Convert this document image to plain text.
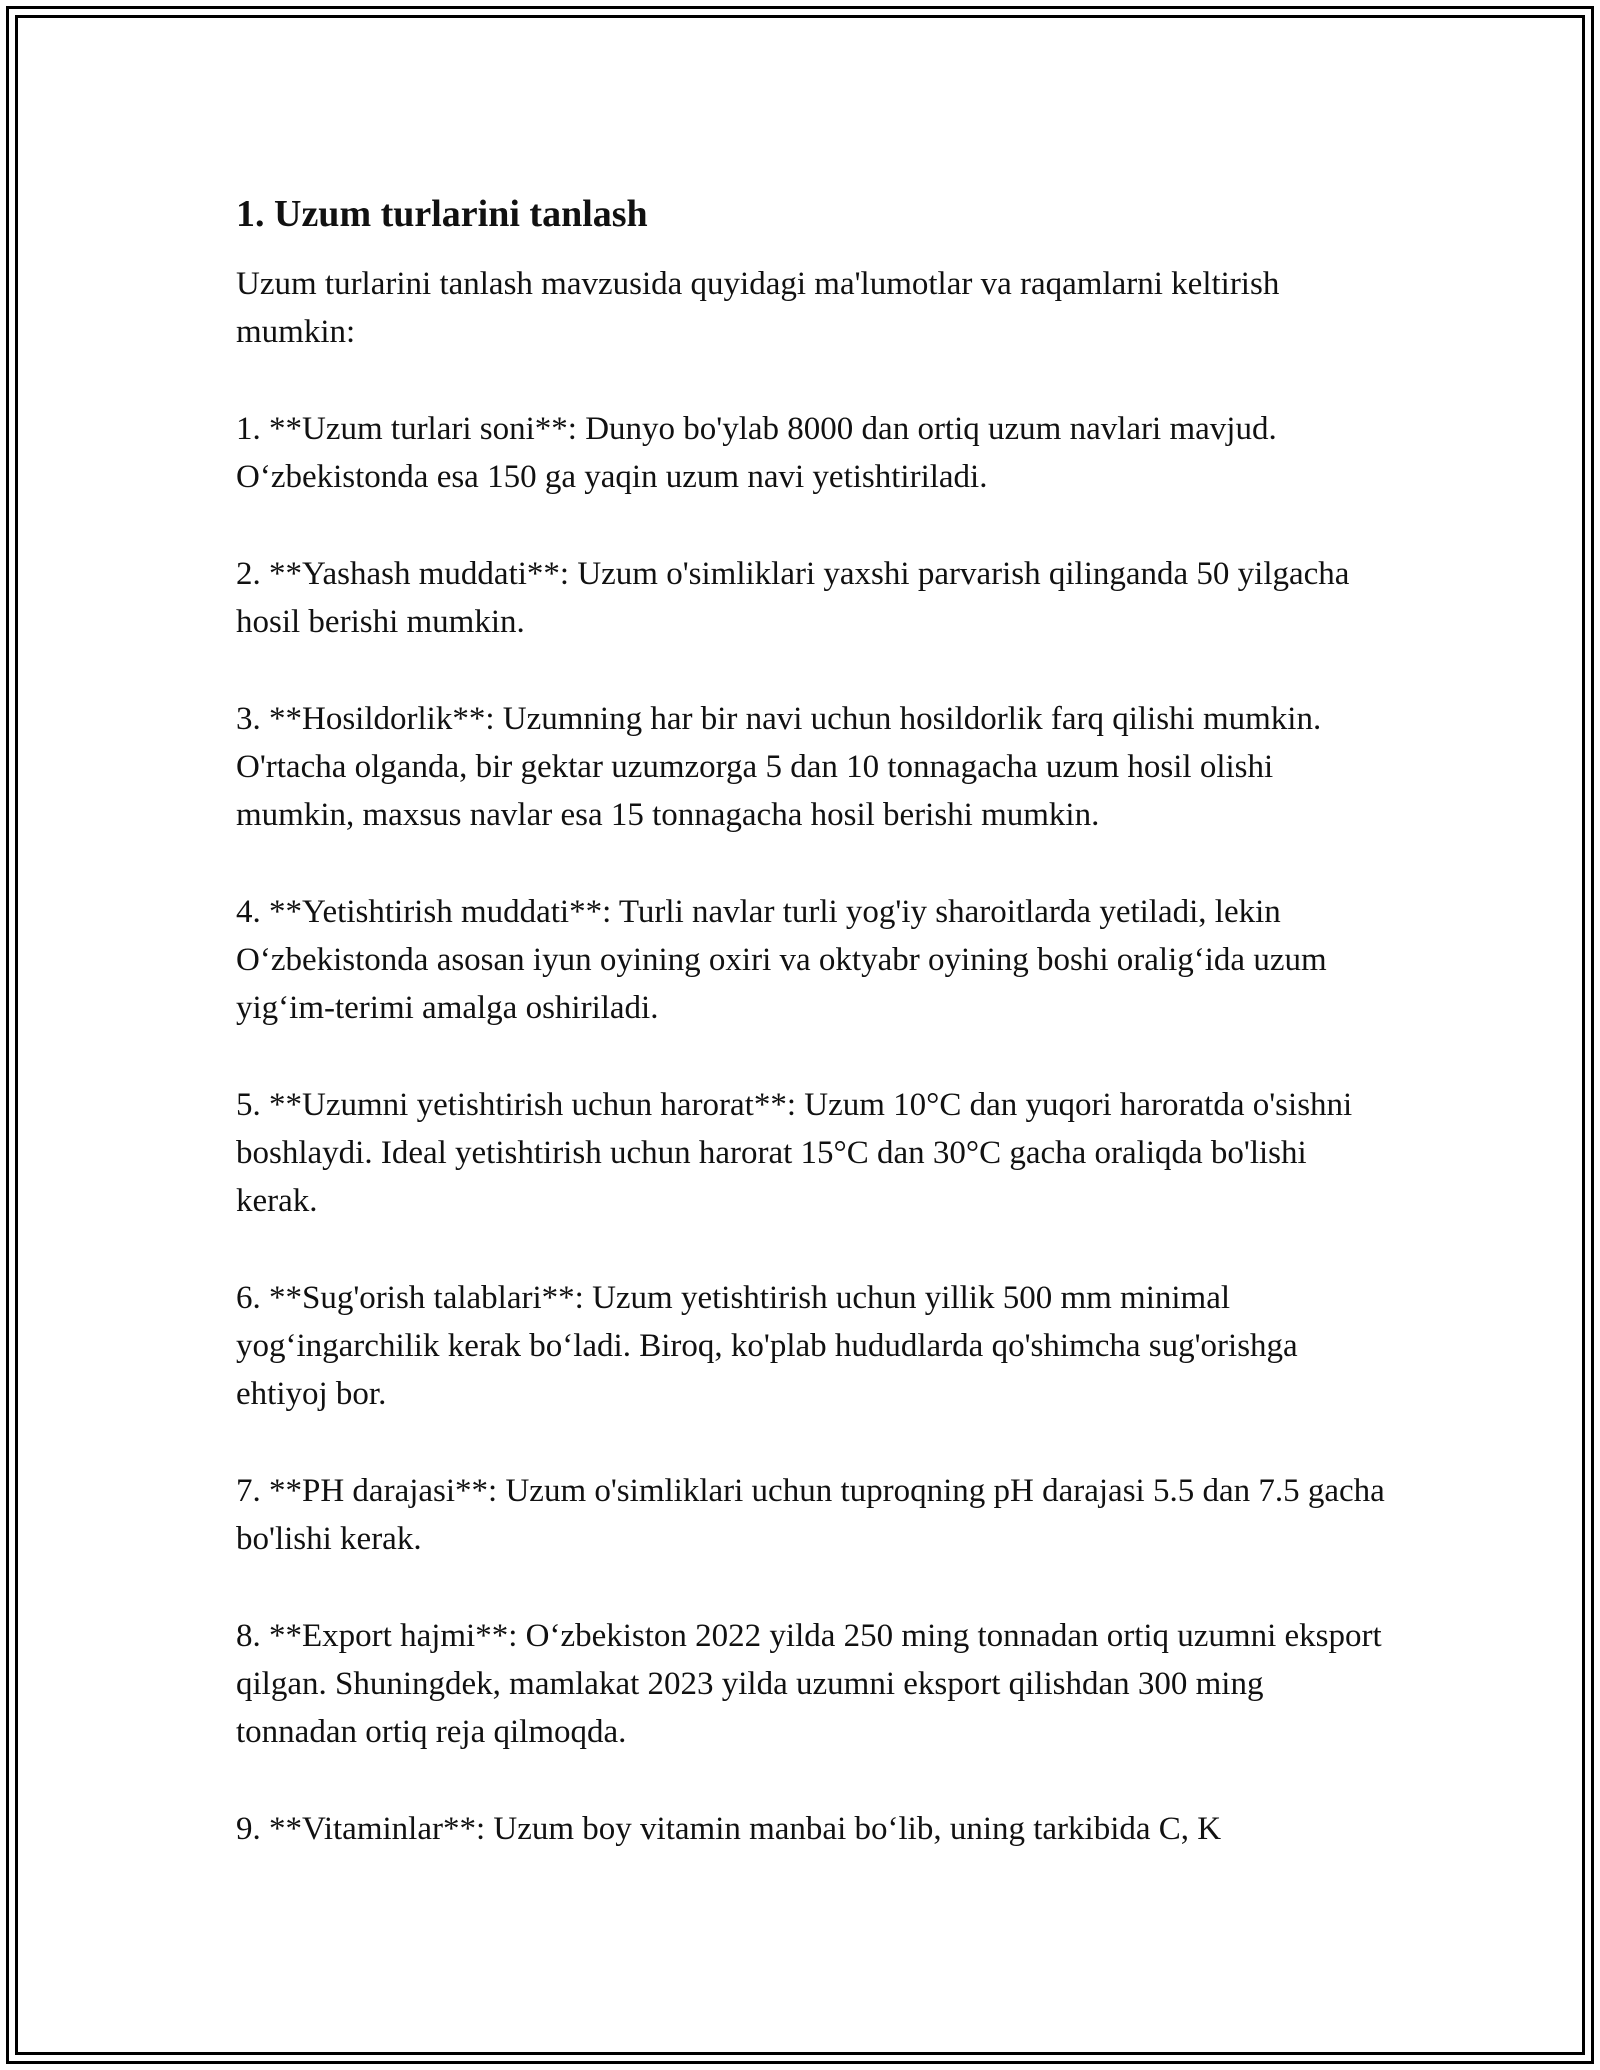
1. Uzum turlarini tanlash

Uzum turlarini tanlash mavzusida quyidagi ma'lumotlar va raqamlarni keltirish mumkin:

1. **Uzum turlari soni**: Dunyo bo'ylab 8000 dan ortiq uzum navlari mavjud. O‘zbekistonda esa 150 ga yaqin uzum navi yetishtiriladi.

2. **Yashash muddati**: Uzum o'simliklari yaxshi parvarish qilinganda 50 yilgacha hosil berishi mumkin.

3. **Hosildorlik**: Uzumning har bir navi uchun hosildorlik farq qilishi mumkin. O'rtacha olganda, bir gektar uzumzorga 5 dan 10 tonnagacha uzum hosil olishi mumkin, maxsus navlar esa 15 tonnagacha hosil berishi mumkin.

4. **Yetishtirish muddati**: Turli navlar turli yog'iy sharoitlarda yetiladi, lekin O‘zbekistonda asosan iyun oyining oxiri va oktyabr oyining boshi oralig‘ida uzum yig‘im-terimi amalga oshiriladi.

5. **Uzumni yetishtirish uchun harorat**: Uzum 10°C dan yuqori haroratda o'sishni boshlaydi. Ideal yetishtirish uchun harorat 15°C dan 30°C gacha oraliqda bo'lishi kerak.

6. **Sug'orish talablari**: Uzum yetishtirish uchun yillik 500 mm minimal yog‘ingarchilik kerak bo‘ladi. Biroq, ko'plab hududlarda qo'shimcha sug'orishga ehtiyoj bor.

7. **PH darajasi**: Uzum o'simliklari uchun tuproqning pH darajasi 5.5 dan 7.5 gacha bo'lishi kerak.

8. **Export hajmi**: O‘zbekiston 2022 yilda 250 ming tonnadan ortiq uzumni eksport qilgan. Shuningdek, mamlakat 2023 yilda uzumni eksport qilishdan 300 ming tonnadan ortiq reja qilmoqda.

9. **Vitaminlar**: Uzum boy vitamin manbai bo‘lib, uning tarkibida C, K
